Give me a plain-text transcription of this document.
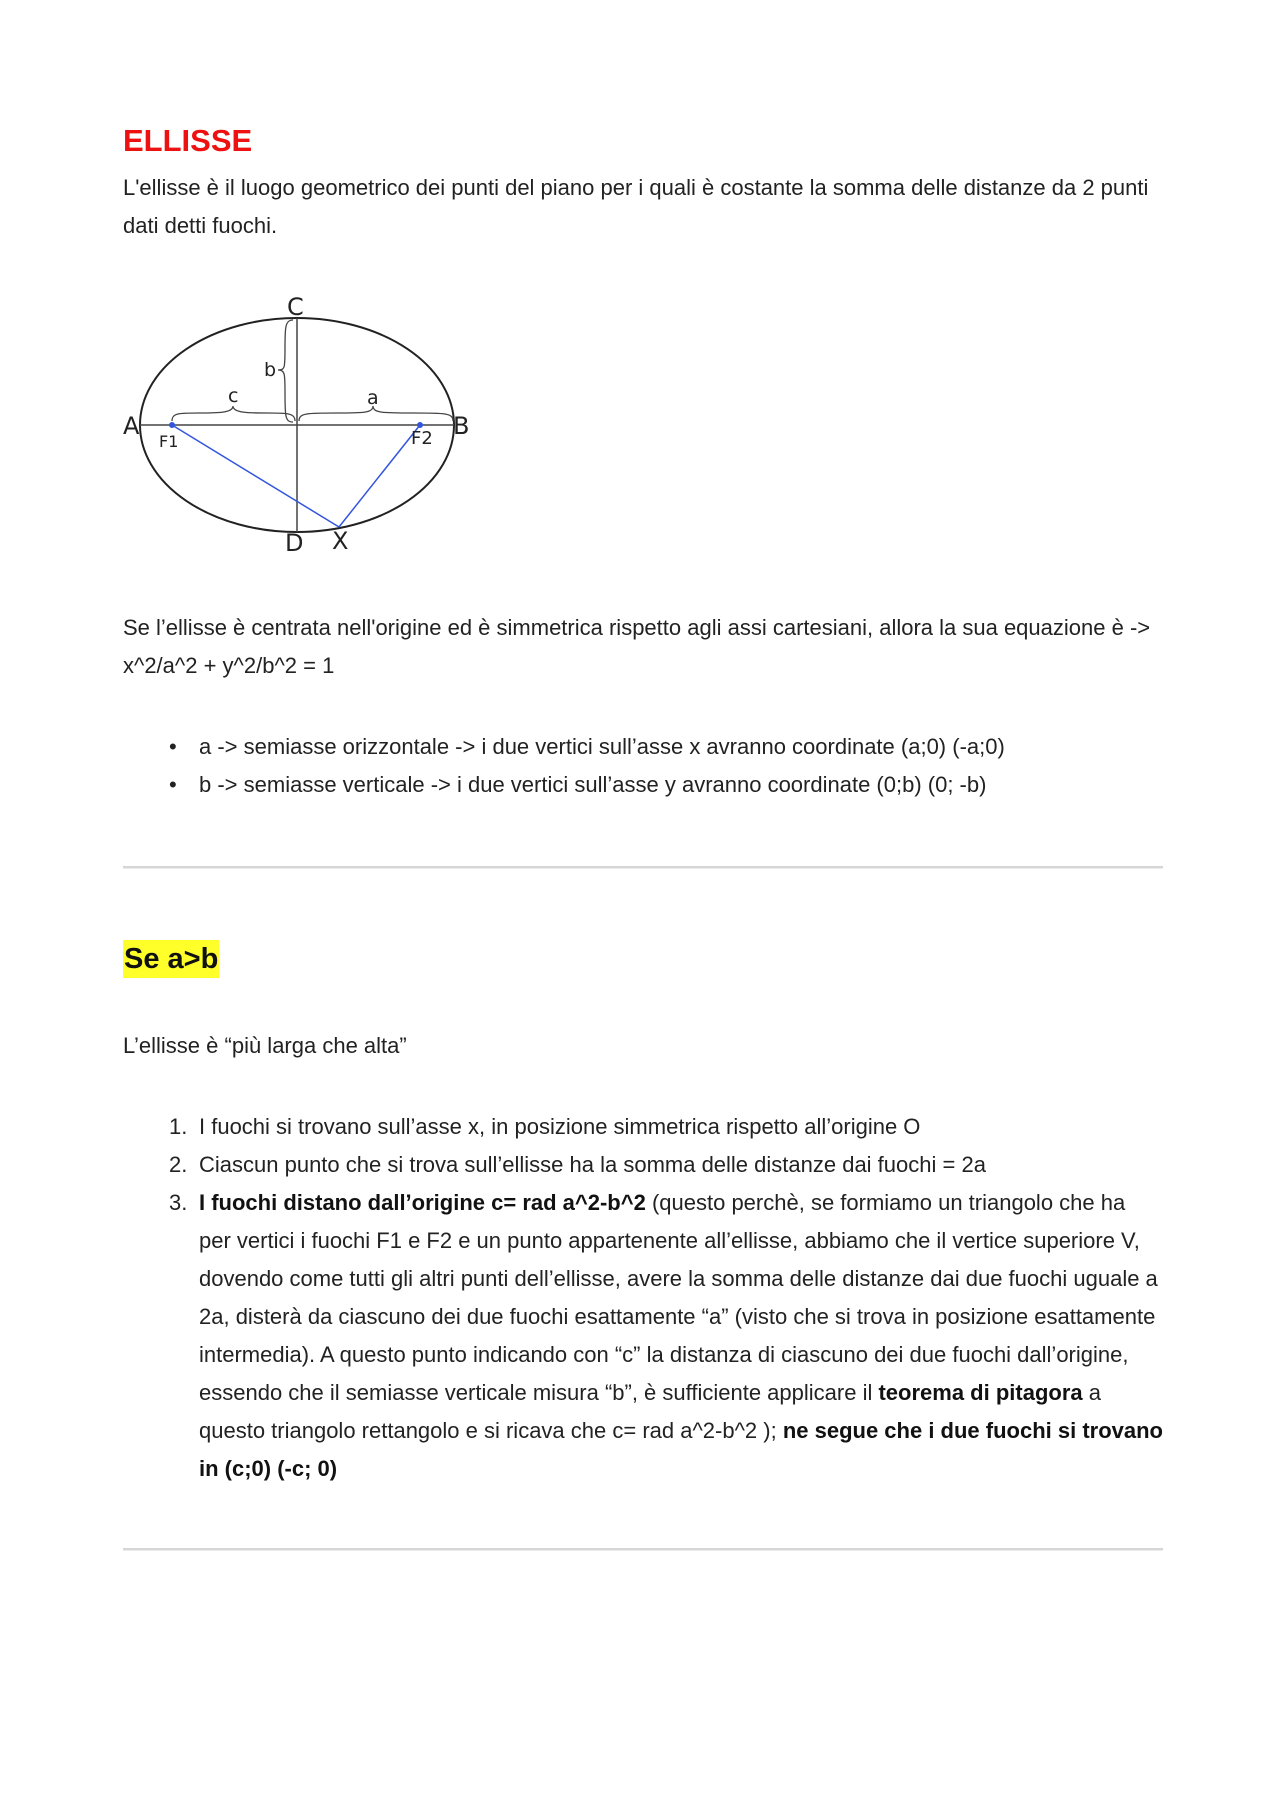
ELLISSE

L'ellisse è il luogo geometrico dei punti del piano per i quali è costante la somma delle distanze da 2 punti dati detti fuochi.

C
D
A	B
X
F1	F2
c	a
b

Se l’ellisse è centrata nell'origine ed è simmetrica rispetto agli assi cartesiani, allora la sua equazione è -> x^2/a^2 + y^2/b^2 = 1

• a -> semiasse orizzontale -> i due vertici sull’asse x avranno coordinate (a;0) (-a;0)
• b -> semiasse verticale -> i due vertici sull’asse y avranno coordinate (0;b) (0; -b)
Se a>b

L’ellisse è “più larga che alta”

1. I fuochi si trovano sull’asse x, in posizione simmetrica rispetto all’origine O
2. Ciascun punto che si trova sull’ellisse ha la somma delle distanze dai fuochi = 2a
3. I fuochi distano dall’origine c= rad a^2-b^2 (questo perchè, se formiamo un triangolo che ha per vertici i fuochi F1 e F2 e un punto appartenente all’ellisse, abbiamo che il vertice superiore V, dovendo come tutti gli altri punti dell’ellisse, avere la somma delle distanze dai due fuochi uguale a 2a, disterà da ciascuno dei due fuochi esattamente “a” (visto che si trova in posizione esattamente intermedia). A questo punto indicando con “c” la distanza di ciascuno dei due fuochi dall’origine, essendo che il semiasse verticale misura “b”, è sufficiente applicare il teorema di pitagora a questo triangolo rettangolo e si ricava che c= rad a^2-b^2 ); ne segue che i due fuochi si trovano in (c;0) (-c; 0)
